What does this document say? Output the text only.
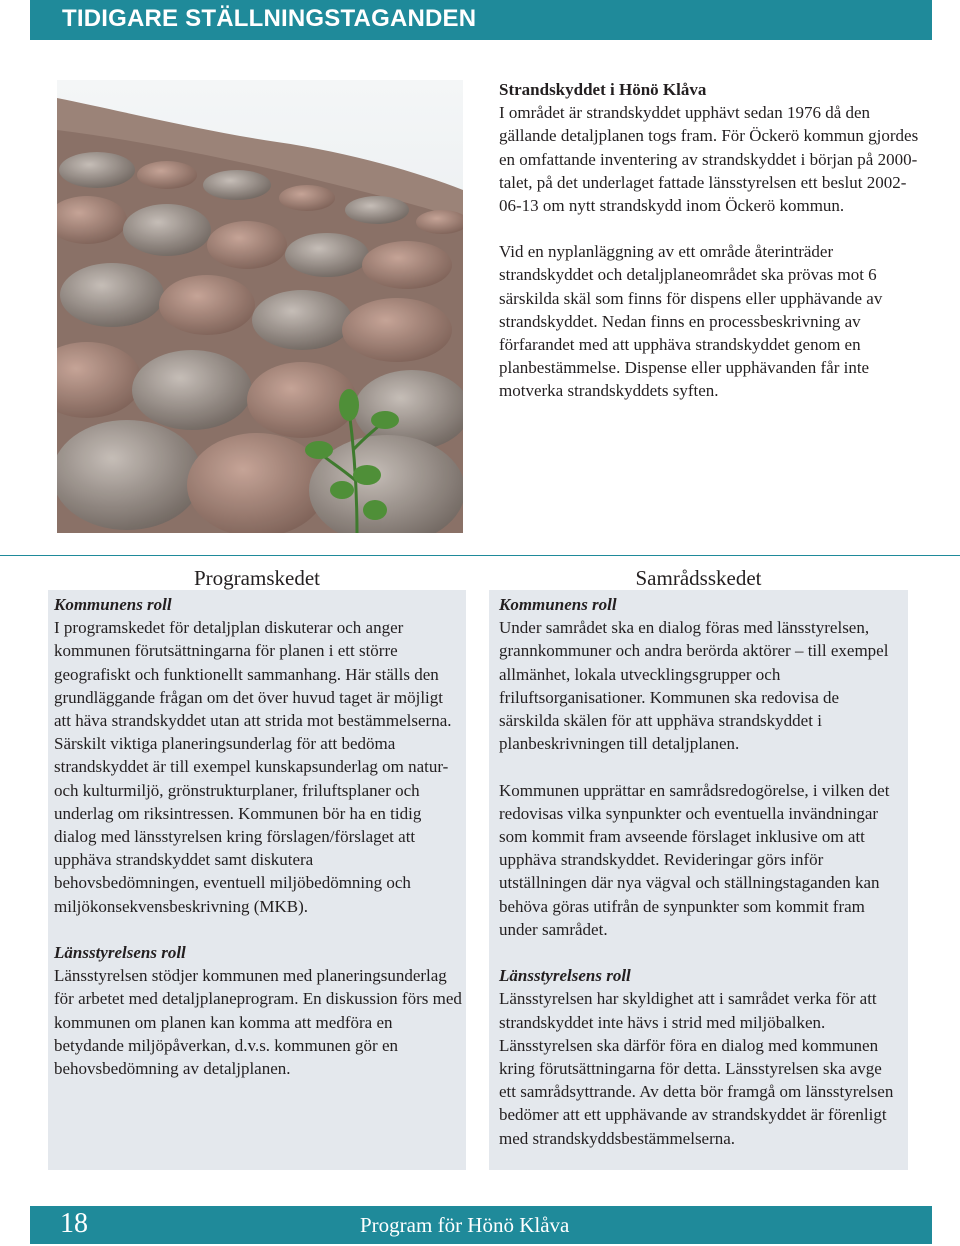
TIDIGARE STÄLLNINGSTAGANDEN

Strandskyddet i Hönö Klåva

I området är strandskyddet upphävt sedan 1976 då den gällande detaljplanen togs fram. För Öckerö kommun gjordes en omfattande inventering av strandskyddet i början på 2000-talet, på det underlaget fattade länsstyrelsen ett beslut 2002-06-13 om nytt strandskydd inom Öckerö kommun.

Vid en nyplanläggning av ett område återinträder strandskyddet och detaljplaneområdet ska prövas mot 6 särskilda skäl som finns för dispens eller upphävande av strandskyddet. Nedan finns en processbeskrivning av förfarandet med att upphäva strandskyddet genom en planbestämmelse. Dispense eller upphävanden får inte motverka strandskyddets syften.

Programskedet	Samrådsskedet

Kommunens roll

I programskedet för detaljplan diskuterar och anger kommunen förutsättningarna för planen i ett större geografiskt och funktionellt sammanhang. Här ställs den grundläggande frågan om det över huvud taget är möjligt att häva strandskyddet utan att strida mot bestämmelserna. Särskilt viktiga planeringsunderlag för att bedöma strandskyddet är till exempel kunskapsunderlag om natur- och kulturmiljö, grönstrukturplaner, friluftsplaner och underlag om riksintressen. Kommunen bör ha en tidig dialog med länsstyrelsen kring förslagen/förslaget att upphäva strandskyddet samt diskutera behovsbedömningen, eventuell miljöbedömning och miljökonsekvensbeskrivning (MKB).

Länsstyrelsens roll

Länsstyrelsen stödjer kommunen med planeringsunderlag för arbetet med detaljplaneprogram. En diskussion förs med kommunen om planen kan komma att medföra en betydande miljöpåverkan, d.v.s. kommunen gör en behovsbedömning av detaljplanen.

Kommunens roll

Under samrådet ska en dialog föras med länsstyrelsen, grannkommuner och andra berörda aktörer – till exempel allmänhet, lokala utvecklingsgrupper och friluftsorganisationer. Kommunen ska redovisa de särskilda skälen för att upphäva strandskyddet i planbeskrivningen till detaljplanen.

Kommunen upprättar en samrådsredogörelse, i vilken det redovisas vilka synpunkter och eventuella invändningar som kommit fram avseende förslaget inklusive om att upphäva strandskyddet. Revideringar görs inför utställningen där nya vägval och ställningstaganden kan behöva göras utifrån de synpunkter som kommit fram under samrådet.

Länsstyrelsens roll

Länsstyrelsen har skyldighet att i samrådet verka för att strandskyddet inte hävs i strid med miljöbalken. Länsstyrelsen ska därför föra en dialog med kommunen kring förutsättningarna för detta. Länsstyrelsen ska avge ett samrådsyttrande. Av detta bör framgå om länsstyrelsen bedömer att ett upphävande av strandskyddet är förenligt med strandskyddsbestämmelserna.

18	Program för Hönö Klåva
